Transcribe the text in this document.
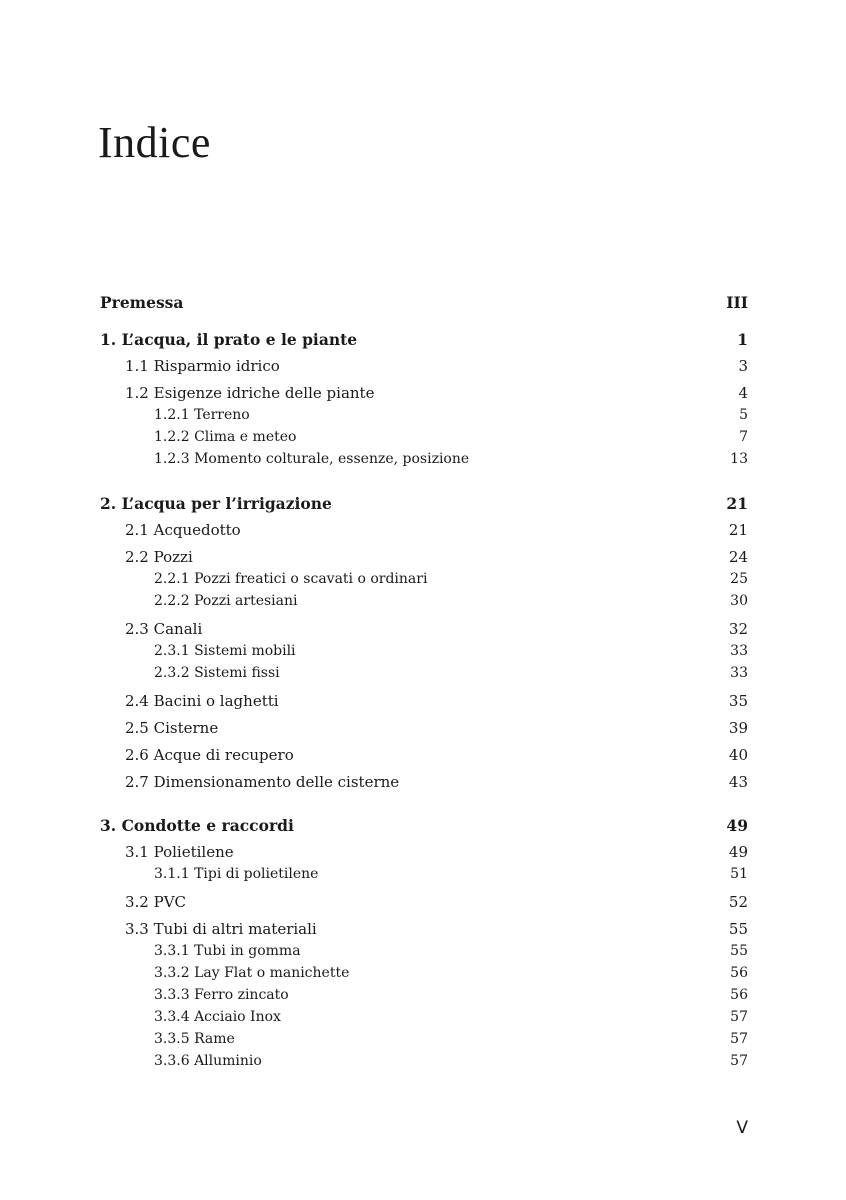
Indice
Premessa	III
1. L’acqua, il prato e le piante	1
1.1 Risparmio idrico	3
1.2 Esigenze idriche delle piante	4
1.2.1 Terreno	5
1.2.2 Clima e meteo	7
1.2.3 Momento colturale, essenze, posizione	13
2. L’acqua per l’irrigazione	21
2.1 Acquedotto	21
2.2 Pozzi	24
2.2.1 Pozzi freatici o scavati o ordinari	25
2.2.2 Pozzi artesiani	30
2.3 Canali	32
2.3.1 Sistemi mobili	33
2.3.2 Sistemi fissi	33
2.4 Bacini o laghetti	35
2.5 Cisterne	39
2.6 Acque di recupero	40
2.7 Dimensionamento delle cisterne	43
3. Condotte e raccordi	49
3.1 Polietilene	49
3.1.1 Tipi di polietilene	51
3.2 PVC	52
3.3 Tubi di altri materiali	55
3.3.1 Tubi in gomma	55
3.3.2 Lay Flat o manichette	56
3.3.3 Ferro zincato	56
3.3.4 Acciaio Inox	57
3.3.5 Rame	57
3.3.6 Alluminio	57
V
